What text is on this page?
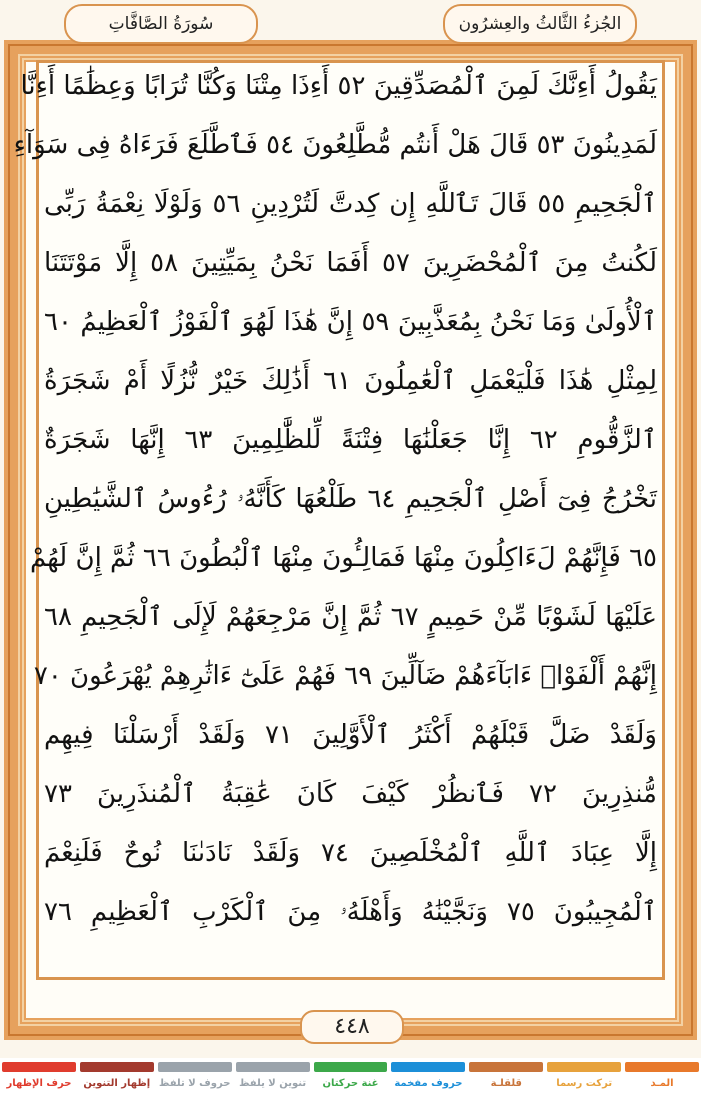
سُورَةُ الصَّافَّاتِ	الجُزءُ الثَّالثُ والعِشرُون
يَقُولُ أَءِنَّكَ لَمِنَ ٱلْمُصَدِّقِينَ ٥٢ أَءِذَا مِتْنَا وَكُنَّا تُرَابًا وَعِظَٰمًا أَءِنَّا
لَمَدِينُونَ ٥٣ قَالَ هَلْ أَنتُم مُّطَّلِعُونَ ٥٤ فَٱطَّلَعَ فَرَءَاهُ فِى سَوَآءِ
ٱلْجَحِيمِ ٥٥ قَالَ تَٱللَّهِ إِن كِدتَّ لَتُرْدِينِ ٥٦ وَلَوْلَا نِعْمَةُ رَبِّى
لَكُنتُ مِنَ ٱلْمُحْضَرِينَ ٥٧ أَفَمَا نَحْنُ بِمَيِّتِينَ ٥٨ إِلَّا مَوْتَتَنَا
ٱلْأُولَىٰ وَمَا نَحْنُ بِمُعَذَّبِينَ ٥٩ إِنَّ هَٰذَا لَهُوَ ٱلْفَوْزُ ٱلْعَظِيمُ ٦٠
لِمِثْلِ هَٰذَا فَلْيَعْمَلِ ٱلْعَٰمِلُونَ ٦١ أَذَٰلِكَ خَيْرٌ نُّزُلًا أَمْ شَجَرَةُ
ٱلزَّقُّومِ ٦٢ إِنَّا جَعَلْنَٰهَا فِتْنَةً لِّلظَّٰلِمِينَ ٦٣ إِنَّهَا شَجَرَةٌ
تَخْرُجُ فِىٓ أَصْلِ ٱلْجَحِيمِ ٦٤ طَلْعُهَا كَأَنَّهُۥ رُءُوسُ ٱلشَّيَٰطِينِ
٦٥ فَإِنَّهُمْ لَءَاكِلُونَ مِنْهَا فَمَالِـُٔونَ مِنْهَا ٱلْبُطُونَ ٦٦ ثُمَّ إِنَّ لَهُمْ
عَلَيْهَا لَشَوْبًا مِّنْ حَمِيمٍ ٦٧ ثُمَّ إِنَّ مَرْجِعَهُمْ لَإِلَى ٱلْجَحِيمِ ٦٨
إِنَّهُمْ أَلْفَوْا۟ ءَابَآءَهُمْ ضَآلِّينَ ٦٩ فَهُمْ عَلَىٰٓ ءَاثَٰرِهِمْ يُهْرَعُونَ ٧٠
وَلَقَدْ ضَلَّ قَبْلَهُمْ أَكْثَرُ ٱلْأَوَّلِينَ ٧١ وَلَقَدْ أَرْسَلْنَا فِيهِم
مُّنذِرِينَ ٧٢ فَٱنظُرْ كَيْفَ كَانَ عَٰقِبَةُ ٱلْمُنذَرِينَ ٧٣
إِلَّا عِبَادَ ٱللَّهِ ٱلْمُخْلَصِينَ ٧٤ وَلَقَدْ نَادَىٰنَا نُوحٌ فَلَنِعْمَ
ٱلْمُجِيبُونَ ٧٥ وَنَجَّيْنَٰهُ وَأَهْلَهُۥ مِنَ ٱلْكَرْبِ ٱلْعَظِيمِ ٧٦
٤٤٨
المـد
تركت رسما
قلقلـة
حروف مفخمة
غنة حركتان
تنوين لا يلفظ
حروف لا تلفظ
إظهار التنوين
حرف الإظهار
